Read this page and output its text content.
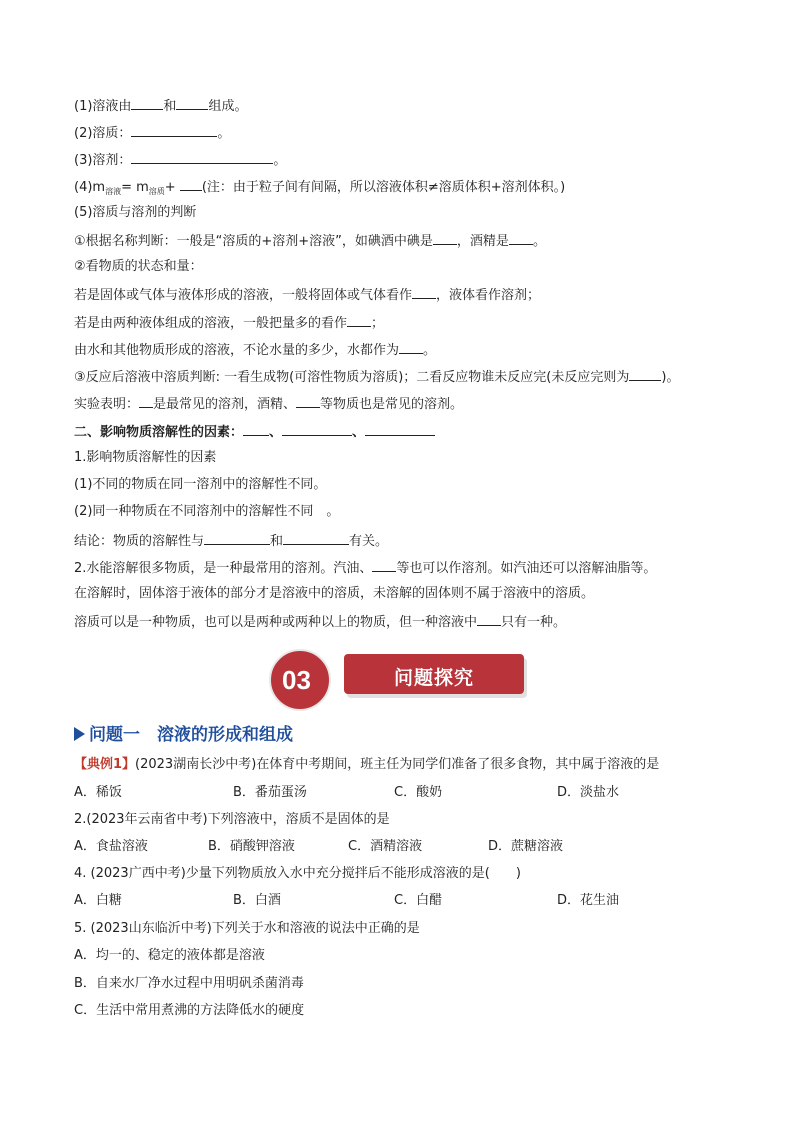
(1)溶液由 和 组成。
(2)溶质：	。
(3)溶剂：	。
$(4)m_{溶液}= m_{溶质}+$ (注：由于粒子间有间隔，所以溶液体积≠溶质体积+溶剂体积。)
(5)溶质与溶剂的判断
①根据名称判断：一般是“溶质的+溶剂+溶液”，如碘酒中碘是 ，酒精是 。
②看物质的状态和量：
若是固体或气体与液体形成的溶液，一般将固体或气体看作 ，液体看作溶剂；
若是由两种液体组成的溶液，一般把量多的看作 ；
由水和其他物质形成的溶液，不论水量的多少，水都作为 。
③反应后溶液中溶质判断: 一看生成物(可溶性物质为溶质)；二看反应物谁未反应完(未反应完则为 )。
实验表明： 是最常见的溶剂，酒精、 等物质也是常见的溶剂。
二、影响物质溶解性的因素： 、	、
1.影响物质溶解性的因素
(1)不同的物质在同一溶剂中的溶解性不同。
(2)同一种物质在不同溶剂中的溶解性不同　。
结论：物质的溶解性与	和	有关。
2.水能溶解很多物质，是一种最常用的溶剂。汽油、 等也可以作溶剂。如汽油还可以溶解油脂等。
在溶解时，固体溶于液体的部分才是溶液中的溶质，未溶解的固体则不属于溶液中的溶质。
溶质可以是一种物质，也可以是两种或两种以上的物质，但一种溶液中 只有一种。
03	问题探究
问题一　溶液的形成和组成
【典例1】(2023湖南长沙中考)在体育中考期间，班主任为同学们准备了很多食物，其中属于溶液的是
A．稀饭	B．番茄蛋汤	C．酸奶	D．淡盐水
2.(2023年云南省中考)下列溶液中，溶质不是固体的是
A．食盐溶液	B．硝酸钾溶液	C．酒精溶液	D．蔗糖溶液
4. (2023广西中考)少量下列物质放入水中充分搅拌后不能形成溶液的是(　　)
A．白糖	B．白酒	C．白醋	D．花生油
5. (2023山东临沂中考)下列关于水和溶液的说法中正确的是
A．均一的、稳定的液体都是溶液
B．自来水厂净水过程中用明矾杀菌消毒
C．生活中常用煮沸的方法降低水的硬度
